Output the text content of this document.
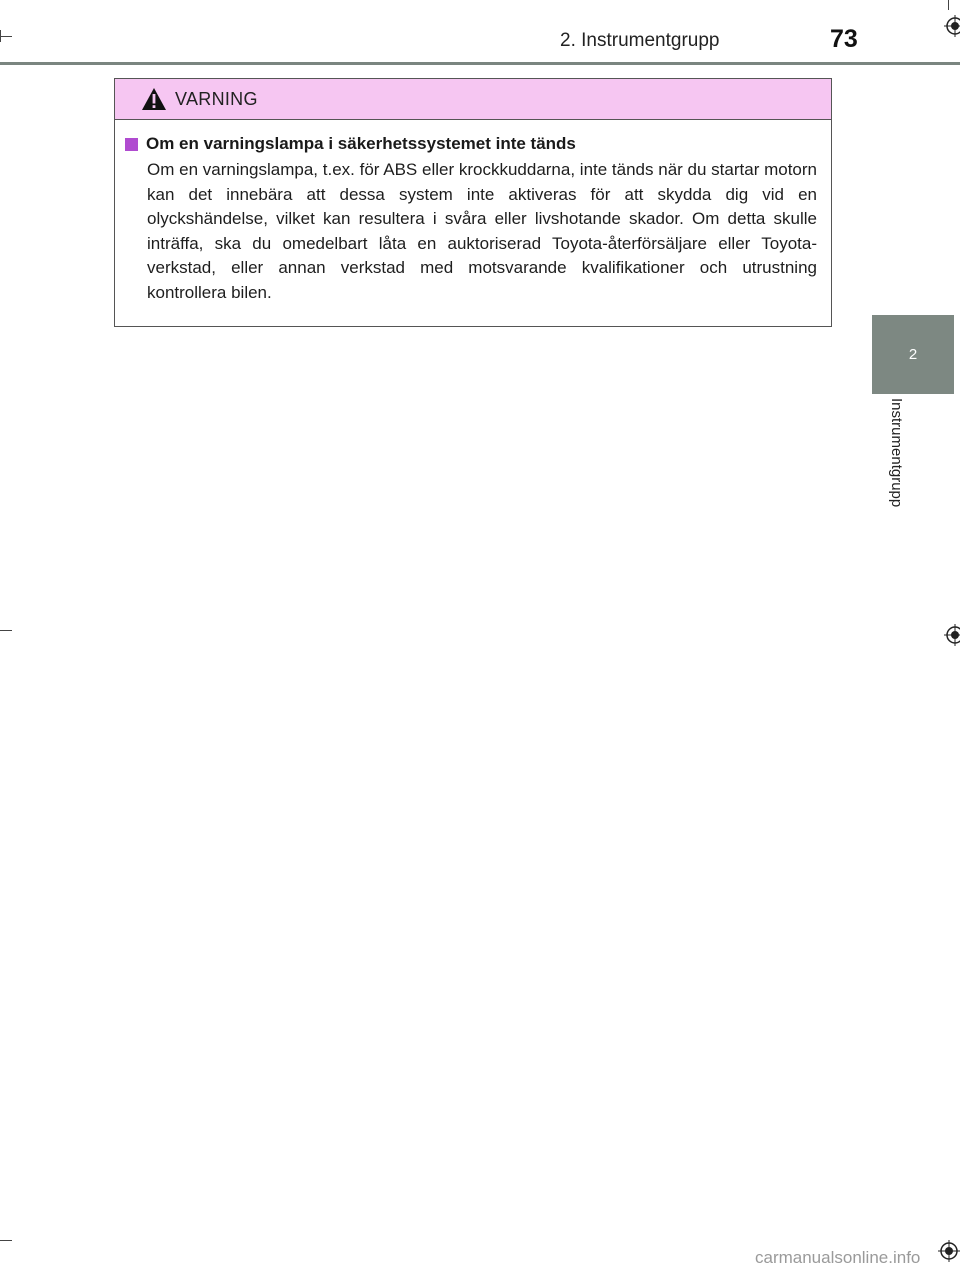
2. Instrumentgrupp	73
2
Instrumentgrupp
VARNING
Om en varningslampa i säkerhetssystemet inte tänds

Om en varningslampa, t.ex. för ABS eller krockkuddarna, inte tänds när du startar motorn kan det innebära att dessa system inte aktiveras för att skydda dig vid en olyckshändelse, vilket kan resultera i svåra eller livshotande skador. Om detta skulle inträffa, ska du omedelbart låta en auktoriserad Toyota-återförsäljare eller Toyota-verkstad, eller annan verkstad med motsvarande kvalifikationer och utrustning kontrollera bilen.

carmanualsonline.info
